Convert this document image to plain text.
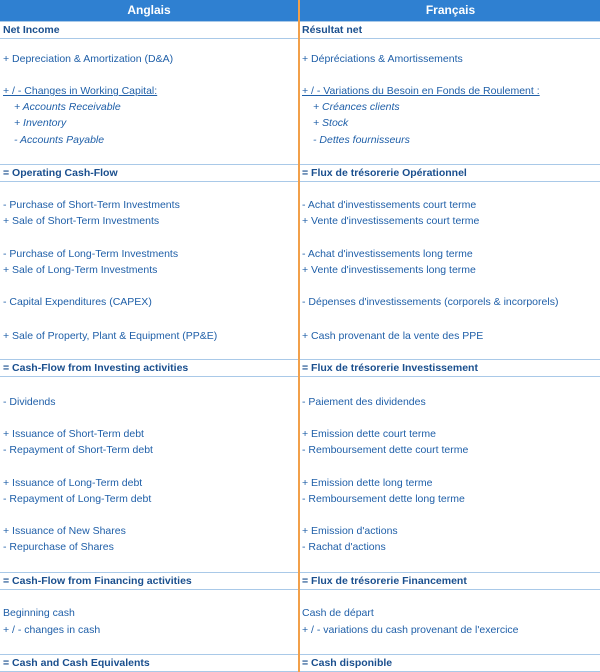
Anglais	Français
Net Income	Résultat net
+ Depreciation & Amortization (D&A)	+ Dépréciations & Amortissements
+ / - Changes in Working Capital:	+ / - Variations du Besoin en Fonds de Roulement :
+ Accounts Receivable	+ Créances clients
+ Inventory	+ Stock
- Accounts Payable	- Dettes fournisseurs
= Operating Cash-Flow	= Flux de trésorerie Opérationnel
- Purchase of Short-Term Investments	- Achat d'investissements court terme
+ Sale of Short-Term Investments	+ Vente d'investissements court terme
- Purchase of Long-Term Investments	- Achat d'investissements long terme
+ Sale of Long-Term Investments	+ Vente d'investissements long terme
- Capital Expenditures (CAPEX)	- Dépenses d'investissements (corporels & incorporels)
+ Sale of Property, Plant & Equipment (PP&E)	+ Cash provenant de la vente des PPE
= Cash-Flow from Investing activities	= Flux de trésorerie Investissement
- Dividends	- Paiement des dividendes
+ Issuance of Short-Term debt	+ Emission dette court terme
- Repayment of Short-Term debt	- Remboursement dette court terme
+ Issuance of Long-Term debt	+ Emission dette long terme
- Repayment of Long-Term debt	- Remboursement dette long terme
+ Issuance of New Shares	+ Emission d'actions
- Repurchase of Shares	- Rachat d'actions
= Cash-Flow from Financing activities	= Flux de trésorerie Financement
Beginning cash	Cash de départ
+ / - changes in cash	+ / - variations du cash provenant de l'exercice
= Cash and Cash Equivalents	= Cash disponible
